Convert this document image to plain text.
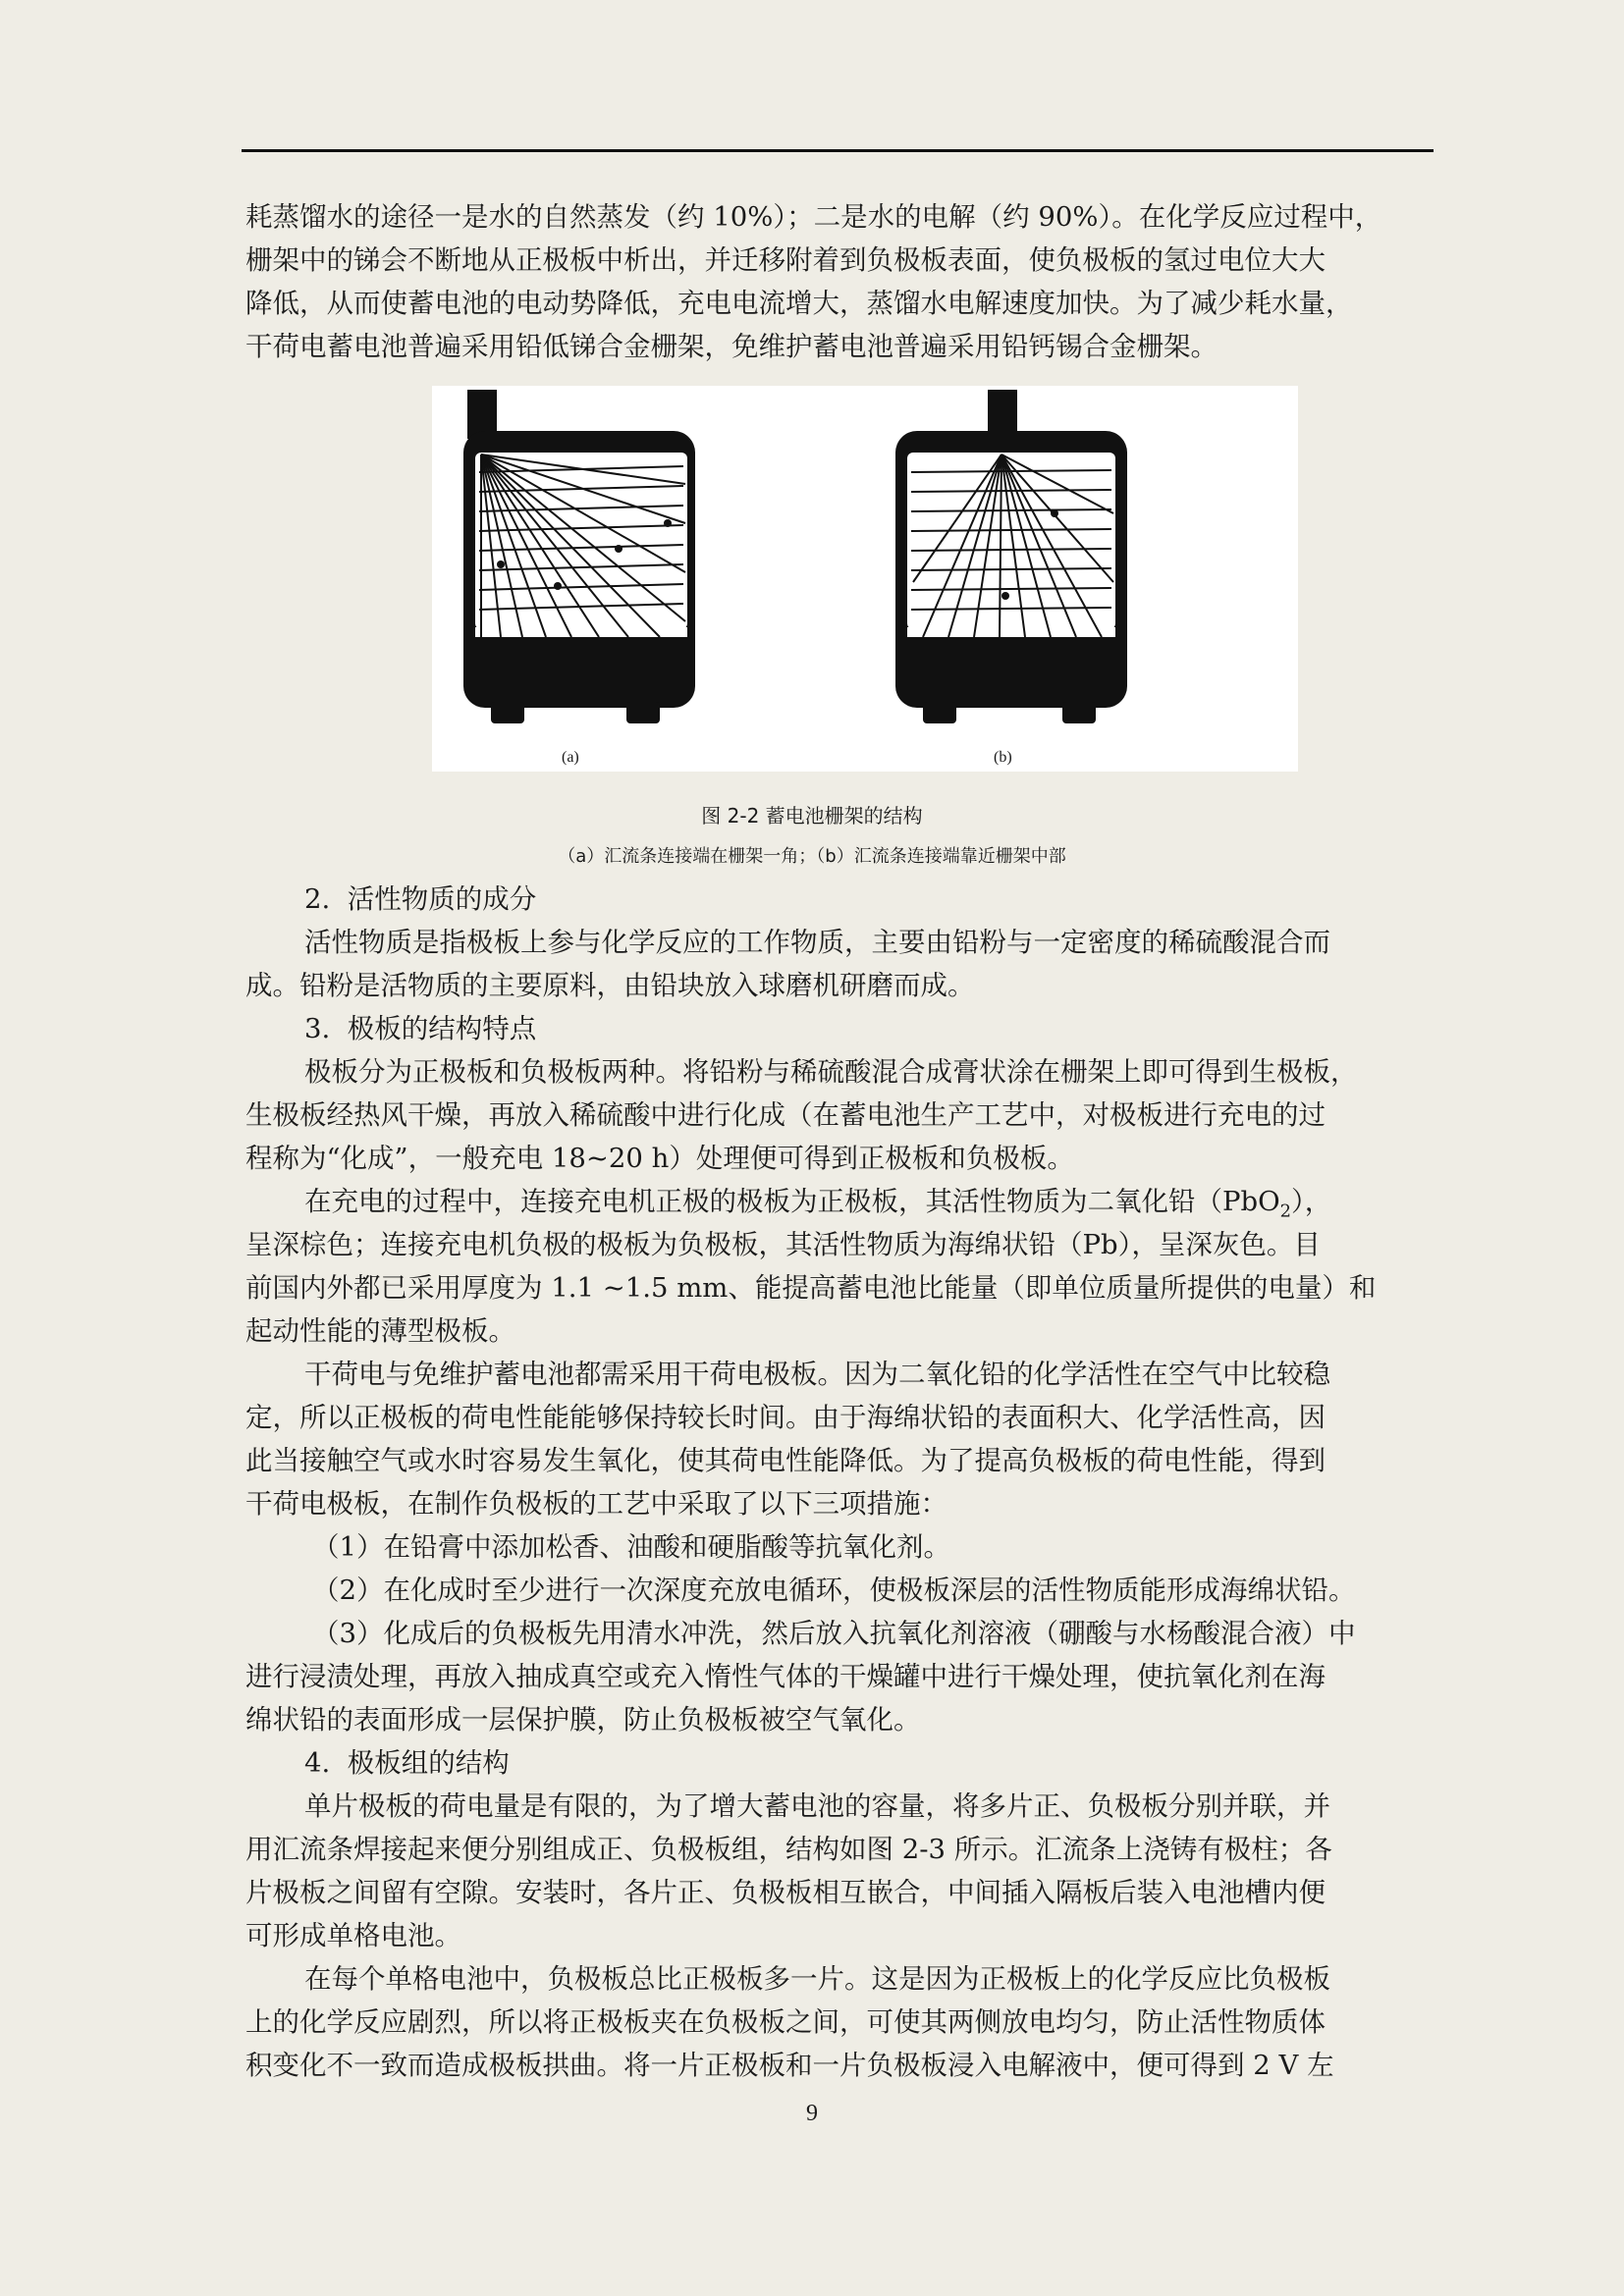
耗蒸馏水的途径一是水的自然蒸发（约 10%）；二是水的电解（约 90%）。在化学反应过程中，

栅架中的锑会不断地从正极板中析出，并迁移附着到负极板表面，使负极板的氢过电位大大

降低，从而使蓄电池的电动势降低，充电电流增大，蒸馏水电解速度加快。为了减少耗水量，

干荷电蓄电池普遍采用铅低锑合金栅架，免维护蓄电池普遍采用铅钙锡合金栅架。

(a)	(b)
图 2-2 蓄电池栅架的结构
（a）汇流条连接端在栅架一角；（b）汇流条连接端靠近栅架中部

2.  活性物质的成分

活性物质是指极板上参与化学反应的工作物质，主要由铅粉与一定密度的稀硫酸混合而

成。铅粉是活物质的主要原料，由铅块放入球磨机研磨而成。

3.  极板的结构特点

极板分为正极板和负极板两种。将铅粉与稀硫酸混合成膏状涂在栅架上即可得到生极板，

生极板经热风干燥，再放入稀硫酸中进行化成（在蓄电池生产工艺中，对极板进行充电的过

程称为“化成”，一般充电 18~20 h）处理便可得到正极板和负极板。

在充电的过程中，连接充电机正极的极板为正极板，其活性物质为二氧化铅（PbO$_2$），

呈深棕色；连接充电机负极的极板为负极板，其活性物质为海绵状铅（Pb），呈深灰色。目

前国内外都已采用厚度为 1.1 ~1.5 mm、能提高蓄电池比能量（即单位质量所提供的电量）和

起动性能的薄型极板。

干荷电与免维护蓄电池都需采用干荷电极板。因为二氧化铅的化学活性在空气中比较稳

定，所以正极板的荷电性能能够保持较长时间。由于海绵状铅的表面积大、化学活性高，因

此当接触空气或水时容易发生氧化，使其荷电性能降低。为了提高负极板的荷电性能，得到

干荷电极板，在制作负极板的工艺中采取了以下三项措施：

（1）在铅膏中添加松香、油酸和硬脂酸等抗氧化剂。

（2）在化成时至少进行一次深度充放电循环，使极板深层的活性物质能形成海绵状铅。

（3）化成后的负极板先用清水冲洗，然后放入抗氧化剂溶液（硼酸与水杨酸混合液）中

进行浸渍处理，再放入抽成真空或充入惰性气体的干燥罐中进行干燥处理，使抗氧化剂在海

绵状铅的表面形成一层保护膜，防止负极板被空气氧化。

4.  极板组的结构

单片极板的荷电量是有限的，为了增大蓄电池的容量，将多片正、负极板分别并联，并

用汇流条焊接起来便分别组成正、负极板组，结构如图 2-3 所示。汇流条上浇铸有极柱；各

片极板之间留有空隙。安装时，各片正、负极板相互嵌合，中间插入隔板后装入电池槽内便

可形成单格电池。

在每个单格电池中，负极板总比正极板多一片。这是因为正极板上的化学反应比负极板

上的化学反应剧烈，所以将正极板夹在负极板之间，可使其两侧放电均匀，防止活性物质体

积变化不一致而造成极板拱曲。将一片正极板和一片负极板浸入电解液中，便可得到 2 V 左

9
